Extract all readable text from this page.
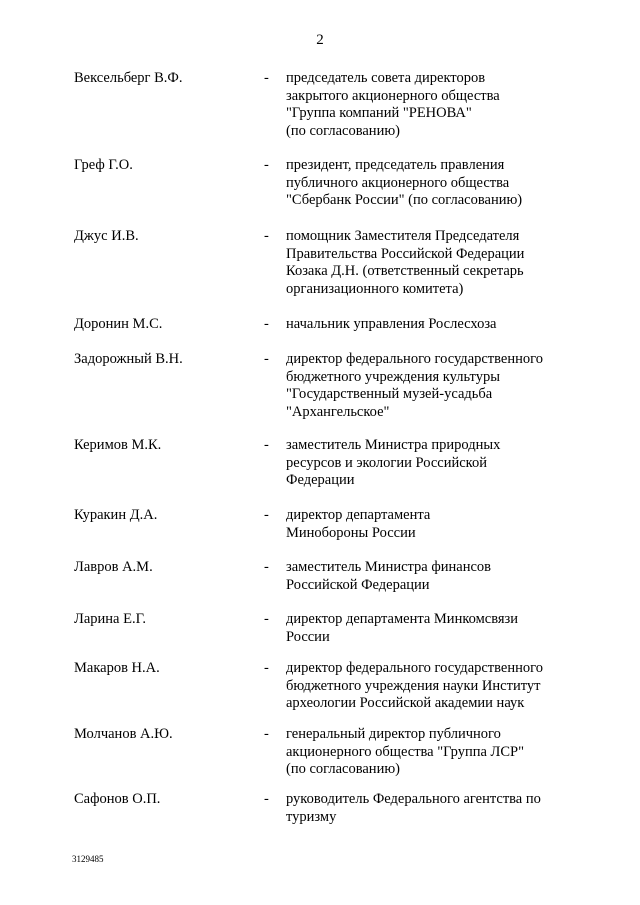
2
Вексельберг В.Ф.	- председатель совета директоров
закрытого акционерного общества
"Группа компаний "РЕНОВА"
(по согласованию)
Греф Г.О.	- президент, председатель правления
публичного акционерного общества
"Сбербанк России" (по согласованию)
Джус И.В.	- помощник Заместителя Председателя
Правительства Российской Федерации
Козака Д.Н. (ответственный секретарь
организационного комитета)
Доронин М.С.	- начальник управления Рослесхоза
Задорожный В.Н.	- директор федерального государственного
бюджетного учреждения культуры
"Государственный музей-усадьба
"Архангельское"
Керимов М.К.	- заместитель Министра природных
ресурсов и экологии Российской
Федерации
Куракин Д.А.	- директор департамента
Минобороны России
Лавров А.М.	- заместитель Министра финансов
Российской Федерации
Ларина Е.Г.	- директор департамента Минкомсвязи
России
Макаров Н.А.	- директор федерального государственного
бюджетного учреждения науки Институт
археологии Российской академии наук
Молчанов А.Ю.	- генеральный директор публичного
акционерного общества "Группа ЛСР"
(по согласованию)
Сафонов О.П.	- руководитель Федерального агентства по
туризму
3129485
